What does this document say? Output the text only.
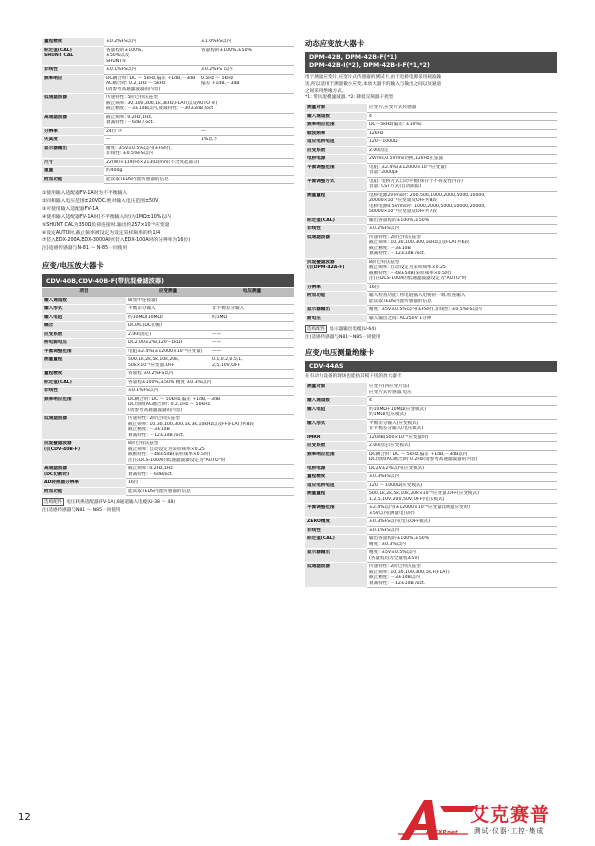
量程精度	±0.2%FS以内	±1.0%FS以内

标定值(CAL)
SHUNT CAL	各量程的±100%,
±50%以及
SHUNT⑤	各量程的±100%,±50%

非线性	±0.1%FS以内	±0.2%FS 以内

频率响应	DC耦合时: DC ～ 5kHz,偏差 +1dB,－3dB
AC耦合时: 0.2,1Hz ～ 5kHz
(请参考高通滤波器的内容)	0.5Hz ～ 5kHz
偏差 +1dB,－3dB

低通滤波器	传递特性: 5阶巴特沃兹型
截止频率: 30,100,300,1k,3kHz,FLAT(以及AUTO ⑥)
截止精度: －3±1dB以内,衰减特性: －30±3dB /oct	

高通滤波器	截止频率: 0.2Hz,1Hz,
衰减特性: －6dB / oct.	

分辨率	24位 ⑦	—

失真度	—	1%以下

显示器输出	精度: ±5V±0.5%以内(±FS时),
非线性: ±0.5%FS以内	

尺寸	22(W)×119(H)×213(D)mm(不含突起部分)	

重量	约400g	

附加功能	能读取TEDS内置传感器的信息	
①使用输入适配器FV-1A时为不平衡输入
②同相输入电压范围±20VDC,绝对输入电压范围±50V
③可使用输入适配器FV-1A
④使用输入适配器FV-1A时(不平衡输入时)为1MΩ±10%以内
⑤SHUNT CAL为350Ω负荷连接时,输出约257×10⁻⁶应变量
⑥设定AUTO时,截止频率被设定为设定采样频率的约1/4
⑦装入EDX-200A,EDX-3000A时(装入EDX-100A时的分辨率为16位)
注)适感传感器与N-81 ～ N-85一同使用
应变/电压放大器卡
CDV-40B,CDV-40B-F(带抗混叠滤波器)
项目	应变测量	电压测量

输入通道数	8(集中连接器)	

输入形式	平衡差分输入	非平衡差分输入

输入电阻	约10MΩ(10MΩ)	约1MΩ

耦合	DC/AC(DC切断)	

应变系数	2.00(固定)	——

桥电源电压	DC2.00±2%(120～1kΩ)	——

平衡调整范围	电阻±2.4%(±12000×10⁻⁶应变量)	——

测量量程	500,1k,2k,5k,10k,20k,
50k×10⁻⁶应变量,OFF	0.1,0.2,0.5,1,
2,5,10V,OFF

量程精度	各量程 ±0.2%FS以内	

标定值(CAL)	各量程±100%,±50% 精度 ±0.3%以内	

非线性	±0.1%FS以内	

频率响应范围	DC耦合时: DC ～ 50kHz,偏差 +1dB,－3dB
DC切断(AC耦合)时: 0.2,1Hz ～ 50kHz
(请参考高通滤波器的内容)	

低通滤波器	传递特性: 2阶巴特沃兹型
截止频率: 10,30,100,300,1k,3k,10kHz以及FF(FLAT)共8段
截止精度: －3±1dB
衰减特性: －12±1dB /oct.	

抗混叠滤波器
(仅CDV-40B-F)	8阶巴特沃兹型
截止频率: 自动设定为采样频率×0.25
截断特性: －48±5dB(采样频率×0.5时)
注)在DCS-100A的低通滤波器设定为"AUTO"时	

高通滤波器
(DC切断时)	截止频率: 0.2Hz,1Hz
衰减特性: －6dB/oct.	

AD转换器分辨率	16位	

附加功能	能读取TEDS内置传感器的信息	
选购配件 电压转换适配器(FV-1A),8通道输入电缆(U-38 ～ 48)
注)适感传感器与N81 ～ N85一同使用
动态应变放大器卡
DPM-42B, DPM-42B-F(*1)
DPM-42B-I(*2), DPM-42B-I-F(*1,*2)
用于测量应变片,应变片式传感器的测试卡,由于电桥电源采用载波输
送,所以适用于测量微小应变,本放大器卡的输入与输出之间以及通道
之间采用绝缘方式。
*1: 带抗混叠滤波器, *2: 降低交频器干扰型
测量对象	应变片,应变片式传感器

输入通道数	4

频率响应范围	DC～5kHz(偏差: ±10%)

载波频率	12kHz

适应电桥电阻	120～1000Ω

应变系数	2.00固定

电桥电源	2Vrms,0.5Vrms切换,12kHz正弦波

平衡调整范围	电阻: ±2.4%(±12000×10⁻⁶应变量)
容量: 2000pF

平衡调整方式	电阻: 电桥方式自动平衡(保存于不挥发性内存)
容量: CST方式(自动跟踪)

测量量程	电桥电源2Vrms时: 200,500,1000,2000,5000,10000,
20000×10⁻⁶应变量及OFF共8段
电桥电源0.5Vrms时: 1000,2000,5000,10000,20000,
50000×10⁻⁶应变量及OFF共7段

标定值(CAL)	输出各量程的±100%,±50%

非线性	±0.2%FS以内

低通滤波器	传递特性: 2阶巴特沃兹型
截止频率: 10,30,100,300,1kHz以及FLAT共6段
截止精度: －3±1dB
衰减特性: －12±1dB /oct.

抗混叠滤波器
(仅DPM-42A-F)	8阶巴特沃兹型
截止频率: 自动设定为采样频率×0.25
截断特性: －48±5dB(采样频率×0.5时)
注)在DCS-100A的低通滤波器设定为"AUTO"时

分辨率	16位

附加功能	输入检查功能: 将电阻插入电桥的一端,检查输入
能读取TEDS内置传感器的信息

显示器输出	精度: ±5V±0.5%以内(±FS时),非线性: ±0.5%FS以内

耐电压	输入输出之间: AC250V 1分钟
选购配件 显示器输出电缆(U-64)
注)适感传感器与N81～N85一同使用
应变/电压测量绝缘卡
CDV-44AS
在有动力设备的现场也能执其模干扰的放大器卡
测量对象	应变片(四应变片法)
应变片式传感器,电压

输入通道数	4

输入电阻	约10MΩ+10MΩ(应变模式)
约1MΩ(电压模式)

输入形式	平衡差分输入(应变模式)
非平衡差分输入(电压模式)

IMRR	120dB(500×10⁻⁶应变量时)

应变系数	2.00固定(应变模式)

频率响应范围	DC耦合时: DC ～ 5kHz,偏差 +1dB,－3dB以内
DC切断(AC耦合)时 0.2Hz(请参考高通滤波器的内容)

电桥电源	DC2V±2%以内(应变模式)

量程精度	±0.3%FS以内

适应电桥电阻	120 ～ 1000Ω(应变模式)

测量量程	500,1k,2k,5k,10k,20k×10⁻⁶应变量,OFF(应变模式)
1,2,5,10V,20V,50V,OFF(电压模式)

平衡调整范围	±2.4%以内(±12000×10⁻⁶应变量)(测量应变时)
±5V以内(测量电压时)

ZERO精度	±0.3%FS以内(电压OFF模式)

非线性	±0.1%FS以内

标定值(CAL)	输出各量程的±100%,±50%
精度: ±0.3%以内

显示器输出	精度: ±5V±0.5%以内
(各量程均为全量程±5V)

低通滤波器	传递特性: 2阶巴特沃兹型
截止频率: 10,30,100,300,1k,F(FLAT)
截止精度: －3±1dB以内
衰减特性: －12±1dB /oct.
12	艾克赛普
测试·仪器·工控·集成
ACEXP.net
